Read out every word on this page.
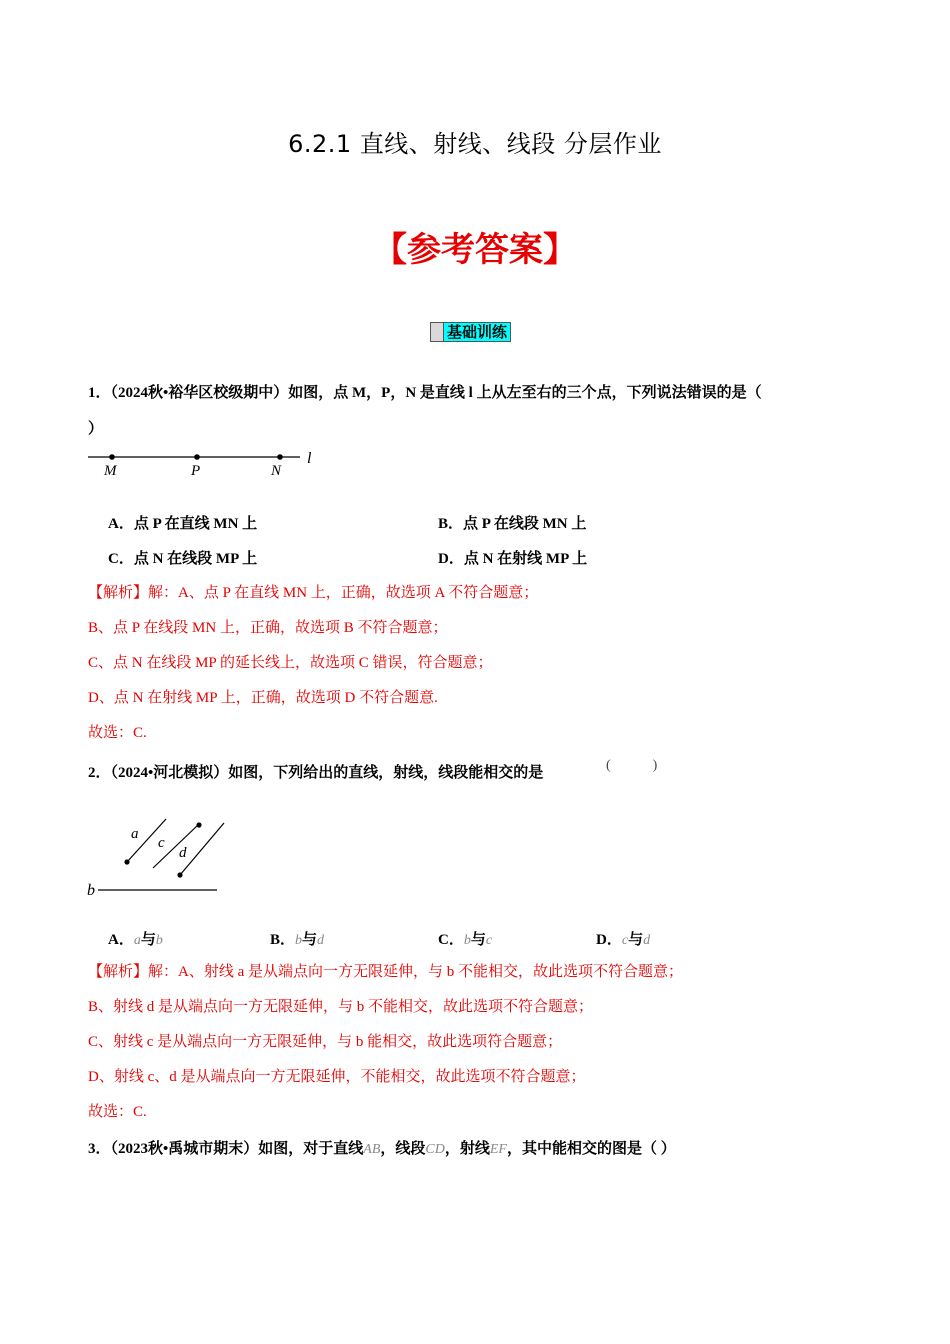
6.2.1 直线、射线、线段 分层作业
【参考答案】
基础训练
1．（2024秋•裕华区校级期中）如图，点 M，P，N 是直线 l 上从左至右的三个点，下列说法错误的是（
）
M	P	N
l
A．点 P 在直线 MN 上	B．点 P 在线段 MN 上
C．点 N 在线段 MP 上	D．点 N 在射线 MP 上
【解析】解：A、点 P 在直线 MN 上，正确，故选项 A 不符合题意；
B、点 P 在线段 MN 上，正确，故选项 B 不符合题意；
C、点 N 在线段 MP 的延长线上，故选项 C 错误，符合题意；
D、点 N 在射线 MP 上，正确，故选项 D 不符合题意.
故选：C.
2．（2024•河北模拟）如图，下列给出的直线，射线，线段能相交的是	(            )
a
c
d
b
A．a与b	B．b与d	C．b与c	D．c与d
【解析】解：A、射线 a 是从端点向一方无限延伸，与 b 不能相交，故此选项不符合题意；
B、射线 d 是从端点向一方无限延伸，与 b 不能相交，故此选项不符合题意；
C、射线 c 是从端点向一方无限延伸，与 b 能相交，故此选项符合题意；
D、射线 c、d 是从端点向一方无限延伸，不能相交，故此选项不符合题意；
故选：C.
3．（2023秋•禹城市期末）如图，对于直线AB，线段CD，射线EF，其中能相交的图是（ ）
